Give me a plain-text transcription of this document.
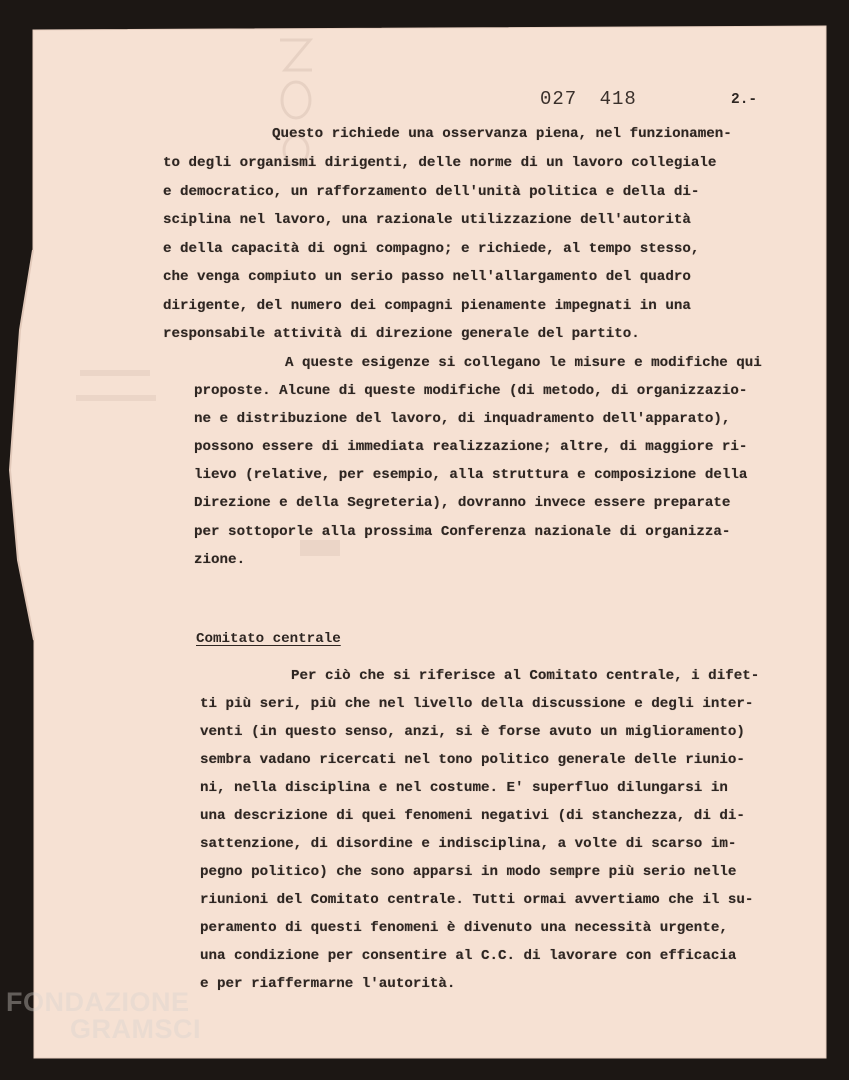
027 418	2.-
Questo richiede una osservanza piena, nel funzionamen-
to degli organismi dirigenti, delle norme di un lavoro collegiale
e democratico, un rafforzamento dell'unità politica e della di-
sciplina nel lavoro, una razionale utilizzazione dell'autorità
e della capacità di ogni compagno; e richiede, al tempo stesso,
che venga compiuto un serio passo nell'allargamento del quadro
dirigente, del numero dei compagni pienamente impegnati in una
responsabile attività di direzione generale del partito.
A queste esigenze si collegano le misure e modifiche qui
proposte. Alcune di queste modifiche (di metodo, di organizzazio-
ne e distribuzione del lavoro, di inquadramento dell'apparato),
possono essere di immediata realizzazione; altre, di maggiore ri-
lievo (relative, per esempio, alla struttura e composizione della
Direzione e della Segreteria), dovranno invece essere preparate
per sottoporle alla prossima Conferenza nazionale di organizza-
zione.
Comitato centrale
Per ciò che si riferisce al Comitato centrale, i difet-
ti più seri, più che nel livello della discussione e degli inter-
venti (in questo senso, anzi, si è forse avuto un miglioramento)
sembra vadano ricercati nel tono politico generale delle riunio-
ni, nella disciplina e nel costume. E' superfluo dilungarsi in
una descrizione di quei fenomeni negativi (di stanchezza, di di-
sattenzione, di disordine e indisciplina, a volte di scarso im-
pegno politico) che sono apparsi in modo sempre più serio nelle
riunioni del Comitato centrale. Tutti ormai avvertiamo che il su-
peramento di questi fenomeni è divenuto una necessità urgente,
una condizione per consentire al C.C. di lavorare con efficacia
e per riaffermarne l'autorità.
FONDAZIONE
GRAMSCI
